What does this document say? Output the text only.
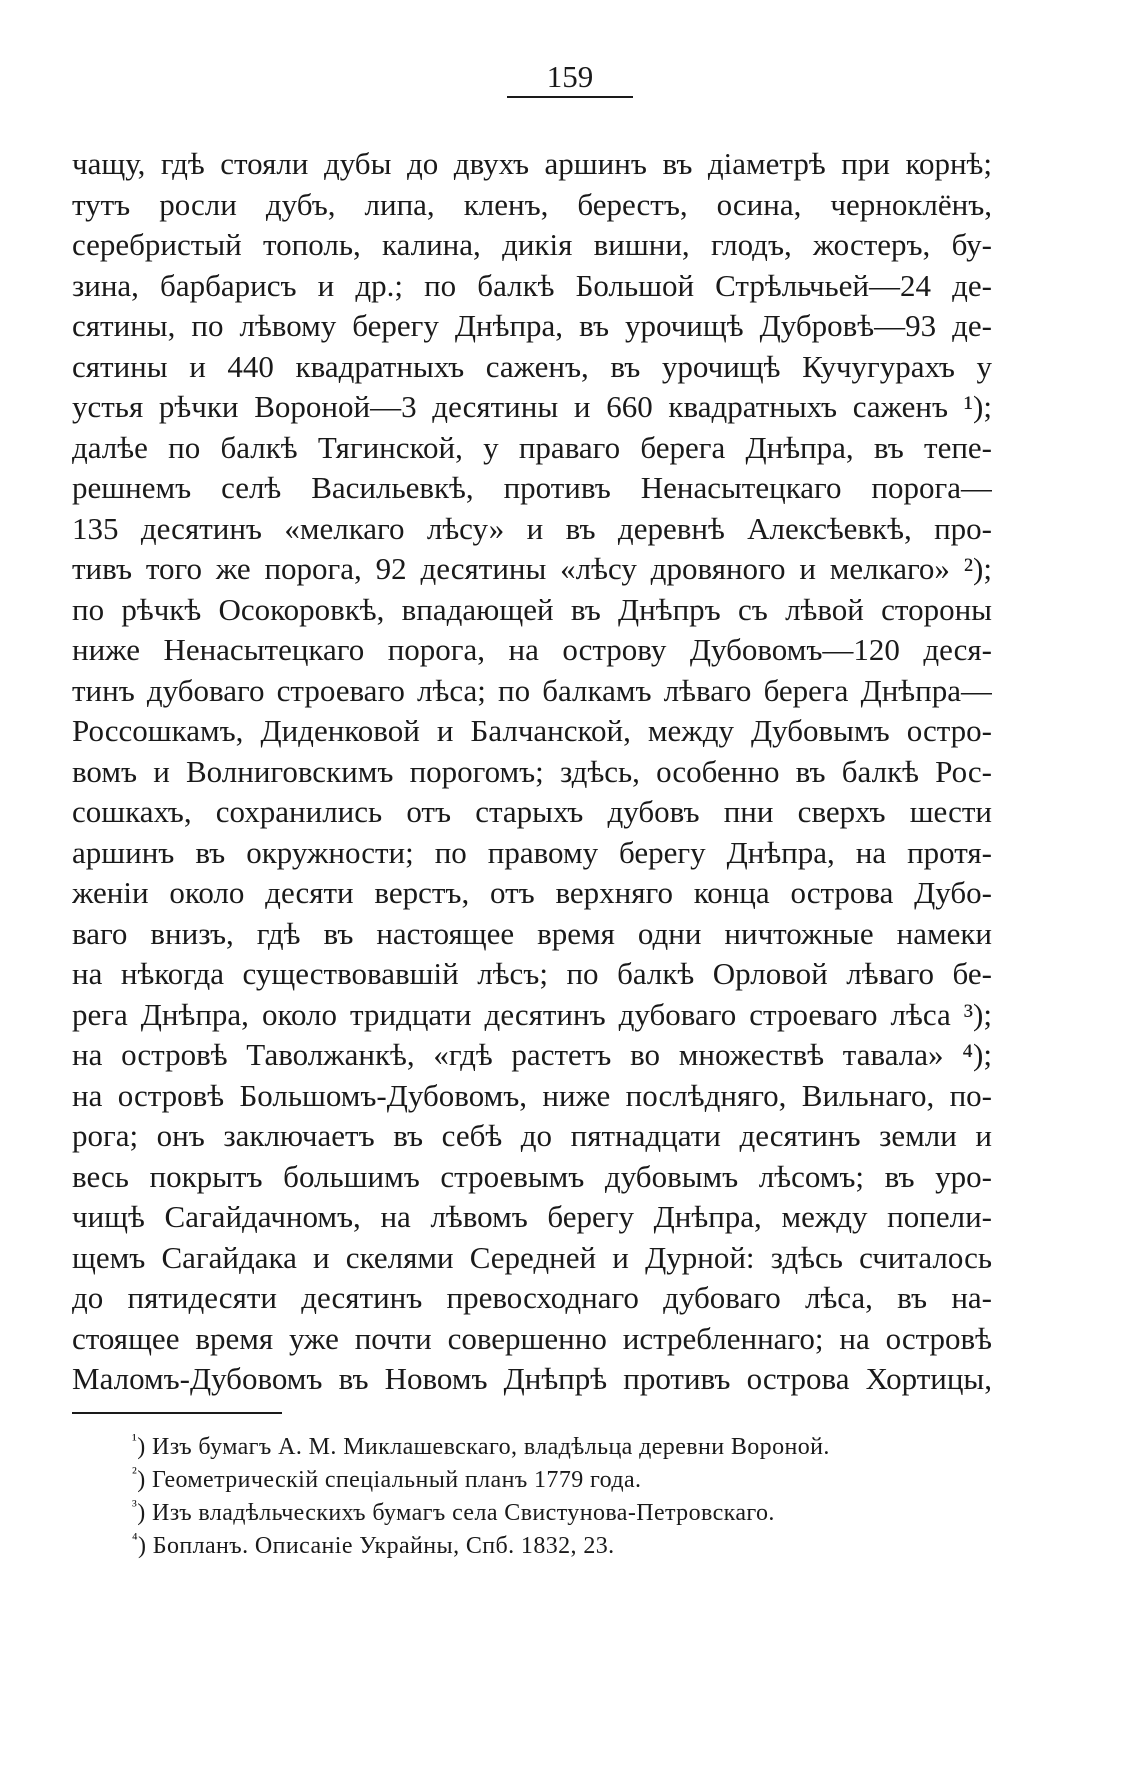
159
чащу, гдѣ стояли дубы до двухъ аршинъ въ діаметрѣ при корнѣ;
тутъ росли дубъ, липа, кленъ, берестъ, осина, черноклёнъ,
серебристый тополь, калина, дикія вишни, глодъ, жостеръ, бу-
зина, барбарисъ и др.; по балкѣ Большой Стрѣльчьей—24 де-
сятины, по лѣвому берегу Днѣпра, въ урочищѣ Дубровѣ—93 де-
сятины и 440 квадратныхъ саженъ, въ урочищѣ Кучугурахъ у
устья рѣчки Вороной—3 десятины и 660 квадратныхъ саженъ ¹);
далѣе по балкѣ Тягинской, у праваго берега Днѣпра, въ тепе-
решнемъ селѣ Васильевкѣ, противъ Ненасытецкаго порога—
135 десятинъ «мелкаго лѣсу» и въ деревнѣ Алексѣевкѣ, про-
тивъ того же порога, 92 десятины «лѣсу дровяного и мелкаго» ²);
по рѣчкѣ Осокоровкѣ, впадающей въ Днѣпръ съ лѣвой стороны
ниже Ненасытецкаго порога, на острову Дубовомъ—120 деся-
тинъ дубоваго строеваго лѣса; по балкамъ лѣваго берега Днѣпра—
Россошкамъ, Диденковой и Балчанской, между Дубовымъ остро-
вомъ и Волниговскимъ порогомъ; здѣсь, особенно въ балкѣ Рос-
сошкахъ, сохранились отъ старыхъ дубовъ пни сверхъ шести
аршинъ въ окружности; по правому берегу Днѣпра, на протя-
женіи около десяти верстъ, отъ верхняго конца острова Дубо-
ваго внизъ, гдѣ въ настоящее время одни ничтожные намеки
на нѣкогда существовавшій лѣсъ; по балкѣ Орловой лѣваго бе-
рега Днѣпра, около тридцати десятинъ дубоваго строеваго лѣса ³);
на островѣ Таволжанкѣ, «гдѣ растетъ во множествѣ тавала» ⁴);
на островѣ Большомъ-Дубовомъ, ниже послѣдняго, Вильнаго, по-
рога; онъ заключаетъ въ себѣ до пятнадцати десятинъ земли и
весь покрытъ большимъ строевымъ дубовымъ лѣсомъ; въ уро-
чищѣ Сагайдачномъ, на лѣвомъ берегу Днѣпра, между попели-
щемъ Сагайдака и скелями Середней и Дурной: здѣсь считалось
до пятидесяти десятинъ превосходнаго дубоваго лѣса, въ на-
стоящее время уже почти совершенно истребленнаго; на островѣ
Маломъ-Дубовомъ въ Новомъ Днѣпрѣ противъ острова Хортицы,
$^{^1}$) Изъ бумагъ А. М. Миклашевскаго, владѣльца деревни Вороной.
$^{^2}$) Геометрическій спеціальный планъ 1779 года.
$^{^3}$) Изъ владѣльческихъ бумагъ села Свистунова-Петровскаго.
$^{^4}$) Бопланъ. Описаніе Украйны, Спб. 1832, 23.
